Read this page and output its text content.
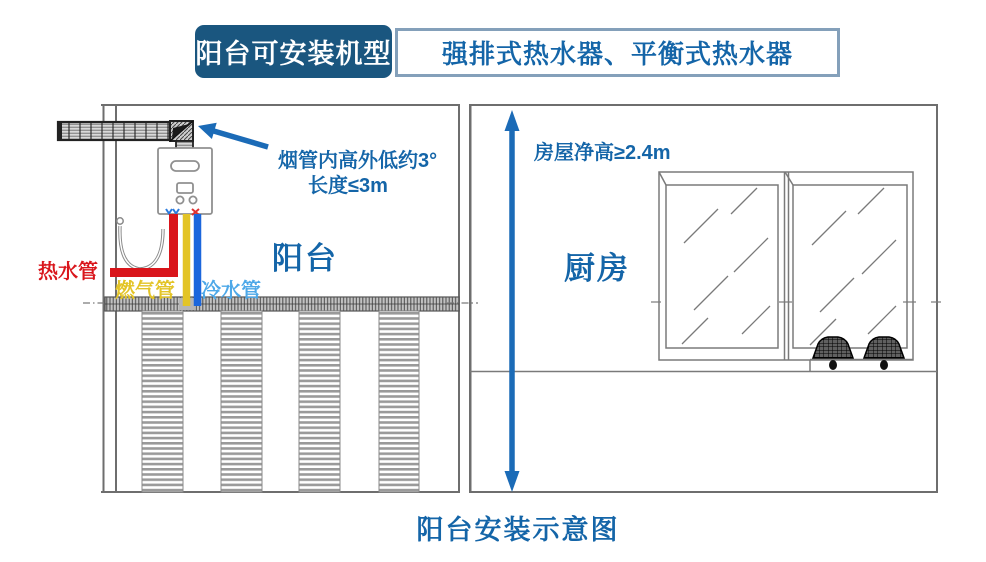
阳台可安装机型	强排式热水器、平衡式热水器
烟管内高外低约3°
长度≤3m
房屋净高≥2.4m
阳台	厨房
热水管
燃气管 冷水管
阳台安装示意图
